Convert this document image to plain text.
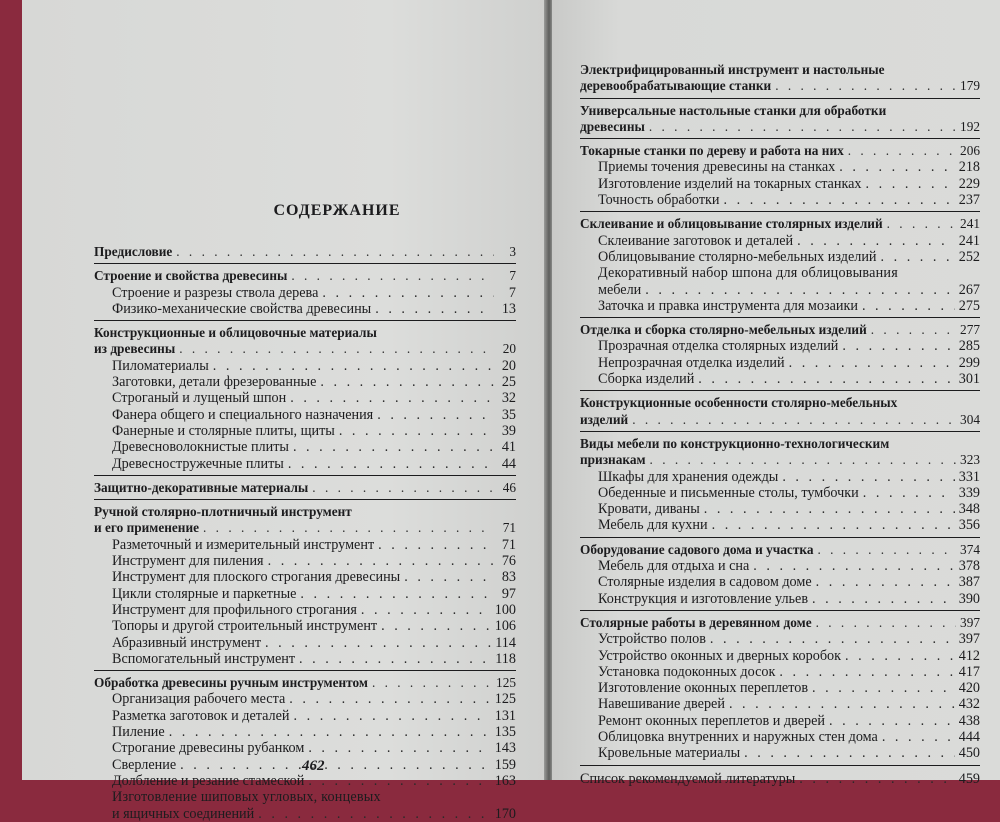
СОДЕРЖАНИЕ
Предисловие . . .	3
Строение и свойства древесины . . .	7
Строение и разрезы ствола дерева . . .	7
Физико-механические свойства древесины . . .	13
Конструкционные и облицовочные материалы
из древесины . . .	20
Пиломатериалы . . .	20
Заготовки, детали фрезерованные . . .	25
Строганый и лущеный шпон . . .	32
Фанера общего и специального назначения . . .	35
Фанерные и столярные плиты, щиты . . .	39
Древесноволокнистые плиты . . .	41
Древесностружечные плиты . . .	44
Защитно-декоративные материалы . . .	46
Ручной столярно-плотничный инструмент
и его применение . . .	71
Разметочный и измерительный инструмент . . .	71
Инструмент для пиления . . .	76
Инструмент для плоского строгания древесины . . .	83
Цикли столярные и паркетные . . .	97
Инструмент для профильного строгания . . .	100
Топоры и другой строительный инструмент . . .	106
Абразивный инструмент . . .	114
Вспомогательный инструмент . . .	118
Обработка древесины ручным инструментом . . .	125
Организация рабочего места . . .	125
Разметка заготовок и деталей . . .	131
Пиление . . .	135
Строгание древесины рубанком . . .	143
Сверление . . .	159
Долбление и резание стамеской . . .	163
Изготовление шиповых угловых, концевых
и ящичных соединений . . .	170
462
Электрифицированный инструмент и настольные
деревообрабатывающие станки . . .	179
Универсальные настольные станки для обработки
древесины . . .	192
Токарные станки по дереву и работа на них . . .	206
Приемы точения древесины на станках . . .	218
Изготовление изделий на токарных станках . . .	229
Точность обработки . . .	237
Склеивание и облицовывание столярных изделий . . .	241
Склеивание заготовок и деталей . . .	241
Облицовывание столярно-мебельных изделий . . .	252
Декоративный набор шпона для облицовывания
мебели . . .	267
Заточка и правка инструмента для мозаики . . .	275
Отделка и сборка столярно-мебельных изделий . . .	277
Прозрачная отделка столярных изделий . . .	285
Непрозрачная отделка изделий . . .	299
Сборка изделий . . .	301
Конструкционные особенности столярно-мебельных
изделий . . .	304
Виды мебели по конструкционно-технологическим
признакам . . .	323
Шкафы для хранения одежды . . .	331
Обеденные и письменные столы, тумбочки . . .	339
Кровати, диваны . . .	348
Мебель для кухни . . .	356
Оборудование садового дома и участка . . .	374
Мебель для отдыха и сна . . .	378
Столярные изделия в садовом доме . . .	387
Конструкция и изготовление ульев . . .	390
Столярные работы в деревянном доме . . .	397
Устройство полов . . .	397
Устройство оконных и дверных коробок . . .	412
Установка подоконных досок . . .	417
Изготовление оконных переплетов . . .	420
Навешивание дверей . . .	432
Ремонт оконных переплетов и дверей . . .	438
Облицовка внутренних и наружных стен дома . . .	444
Кровельные материалы . . .	450
Список рекомендуемой литературы . . .	459
